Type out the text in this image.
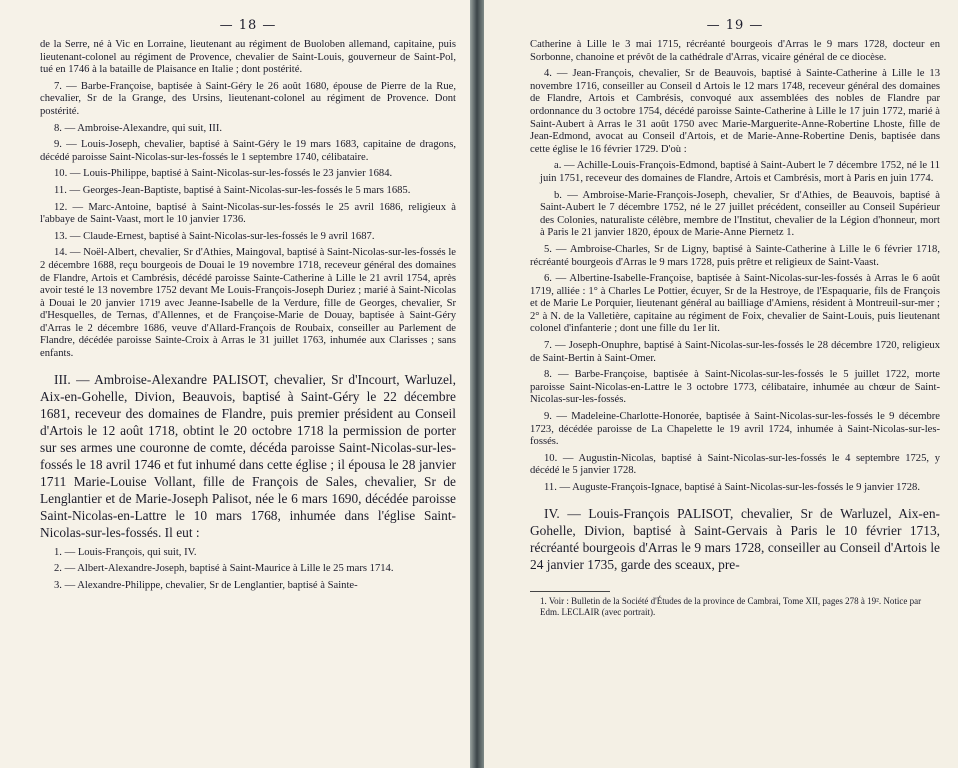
— 18 —

de la Serre, né à Vic en Lorraine, lieutenant au régiment de Buoloben allemand, capitaine, puis lieutenant-colonel au régiment de Provence, chevalier de Saint-Louis, gouverneur de Saint-Pol, tué en 1746 à la bataille de Plaisance en Italie ; dont postérité.

7. — Barbe-Françoise, baptisée à Saint-Géry le 26 août 1680, épouse de Pierre de la Rue, chevalier, Sr de la Grange, des Ursins, lieutenant-colonel au régiment de Provence. Dont postérité.

8. — Ambroise-Alexandre, qui suit, III.

9. — Louis-Joseph, chevalier, baptisé à Saint-Géry le 19 mars 1683, capitaine de dragons, décédé paroisse Saint-Nicolas-sur-les-fossés le 1 septembre 1740, célibataire.

10. — Louis-Philippe, baptisé à Saint-Nicolas-sur-les-fossés le 23 janvier 1684.

11. — Georges-Jean-Baptiste, baptisé à Saint-Nicolas-sur-les-fossés le 5 mars 1685.

12. — Marc-Antoine, baptisé à Saint-Nicolas-sur-les-fossés le 25 avril 1686, religieux à l'abbaye de Saint-Vaast, mort le 10 janvier 1736.

13. — Claude-Ernest, baptisé à Saint-Nicolas-sur-les-fossés le 9 avril 1687.

14. — Noël-Albert, chevalier, Sr d'Athies, Maingoval, baptisé à Saint-Nicolas-sur-les-fossés le 2 décembre 1688, reçu bourgeois de Douai le 19 novembre 1718, receveur général des domaines de Flandre, Artois et Cambrésis, décédé paroisse Sainte-Catherine à Lille le 21 avril 1754, après avoir testé le 13 novembre 1752 devant Me Louis-François-Joseph Duriez ; marié à Saint-Nicolas à Douai le 20 janvier 1719 avec Jeanne-Isabelle de la Verdure, fille de Georges, chevalier, Sr d'Hesquelles, de Ternas, d'Allennes, et de Françoise-Marie de Douay, baptisée à Saint-Géry d'Arras le 2 décembre 1686, veuve d'Allard-François de Roubaix, conseiller au Parlement de Flandre, décédée paroisse Sainte-Croix à Arras le 31 juillet 1763, inhumée aux Clarisses ; sans enfants.

III. — Ambroise-Alexandre PALISOT, chevalier, Sr d'Incourt, Warluzel, Aix-en-Gohelle, Divion, Beauvois, baptisé à Saint-Géry le 22 décembre 1681, receveur des domaines de Flandre, puis premier président au Conseil d'Artois le 12 août 1718, obtint le 20 octobre 1718 la permission de porter sur ses armes une couronne de comte, décéda paroisse Saint-Nicolas-sur-les-fossés le 18 avril 1746 et fut inhumé dans cette église ; il épousa le 28 janvier 1711 Marie-Louise Vollant, fille de François de Sales, chevalier, Sr de Lenglantier et de Marie-Joseph Palisot, née le 6 mars 1690, décédée paroisse Saint-Nicolas-en-Lattre le 10 mars 1768, inhumée dans l'église Saint-Nicolas-sur-les-fossés. Il eut :

1. — Louis-François, qui suit, IV.

2. — Albert-Alexandre-Joseph, baptisé à Saint-Maurice à Lille le 25 mars 1714.

3. — Alexandre-Philippe, chevalier, Sr de Lenglantier, baptisé à Sainte-

— 19 —

Catherine à Lille le 3 mai 1715, récréanté bourgeois d'Arras le 9 mars 1728, docteur en Sorbonne, chanoine et prévôt de la cathédrale d'Arras, vicaire général de ce diocèse.

4. — Jean-François, chevalier, Sr de Beauvois, baptisé à Sainte-Catherine à Lille le 13 novembre 1716, conseiller au Conseil d Artois le 12 mars 1748, receveur général des domaines de Flandre, Artois et Cambrésis, convoqué aux assemblées des nobles de Flandre par ordonnance du 3 octobre 1754, décédé paroisse Sainte-Catherine à Lille le 17 juin 1772, marié à Saint-Aubert à Arras le 31 août 1750 avec Marie-Marguerite-Anne-Robertine Lhoste, fille de Jean-Edmond, avocat au Conseil d'Artois, et de Marie-Anne-Robertine Denis, baptisée dans cette église le 16 février 1729. D'où :

a. — Achille-Louis-François-Edmond, baptisé à Saint-Aubert le 7 décembre 1752, né le 11 juin 1751, receveur des domaines de Flandre, Artois et Cambrésis, mort à Paris en juin 1774.

b. — Ambroise-Marie-François-Joseph, chevalier, Sr d'Athies, de Beauvois, baptisé à Saint-Aubert le 7 décembre 1752, né le 27 juillet précédent, conseiller au Conseil Supérieur des Colonies, naturaliste célèbre, membre de l'Institut, chevalier de la Légion d'honneur, mort à Paris le 21 janvier 1820, époux de Marie-Anne Piernetz 1.

5. — Ambroise-Charles, Sr de Ligny, baptisé à Sainte-Catherine à Lille le 6 février 1718, récréanté bourgeois d'Arras le 9 mars 1728, puis prêtre et religieux de Saint-Vaast.

6. — Albertine-Isabelle-Françoise, baptisée à Saint-Nicolas-sur-les-fossés à Arras le 6 août 1719, alliée : 1° à Charles Le Pottier, écuyer, Sr de la Hestroye, de l'Espaquarie, fils de François et de Marie Le Porquier, lieutenant général au bailliage d'Amiens, résident à Montreuil-sur-mer ; 2° à N. de la Valletière, capitaine au régiment de Foix, chevalier de Saint-Louis, puis lieutenant colonel d'infanterie ; dont une fille du 1er lit.

7. — Joseph-Onuphre, baptisé à Saint-Nicolas-sur-les-fossés le 28 décembre 1720, religieux de Saint-Bertin à Saint-Omer.

8. — Barbe-Françoise, baptisée à Saint-Nicolas-sur-les-fossés le 5 juillet 1722, morte paroisse Saint-Nicolas-en-Lattre le 3 octobre 1773, célibataire, inhumée au chœur de Saint-Nicolas-sur-les-fossés.

9. — Madeleine-Charlotte-Honorée, baptisée à Saint-Nicolas-sur-les-fossés le 9 décembre 1723, décédée paroisse de La Chapelette le 19 avril 1724, inhumée à Saint-Nicolas-sur-les-fossés.

10. — Augustin-Nicolas, baptisé à Saint-Nicolas-sur-les-fossés le 4 septembre 1725, y décédé le 5 janvier 1728.

11. — Auguste-François-Ignace, baptisé à Saint-Nicolas-sur-les-fossés le 9 janvier 1728.

IV. — Louis-François PALISOT, chevalier, Sr de Warluzel, Aix-en-Gohelle, Divion, baptisé à Saint-Gervais à Paris le 10 février 1713, récréanté bourgeois d'Arras le 9 mars 1728, conseiller au Conseil d'Artois le 24 janvier 1735, garde des sceaux, pre-

1. Voir : Bulletin de la Société d'Études de la province de Cambrai, Tome XII, pages 278 à 19². Notice par Edm. LECLAIR (avec portrait).
